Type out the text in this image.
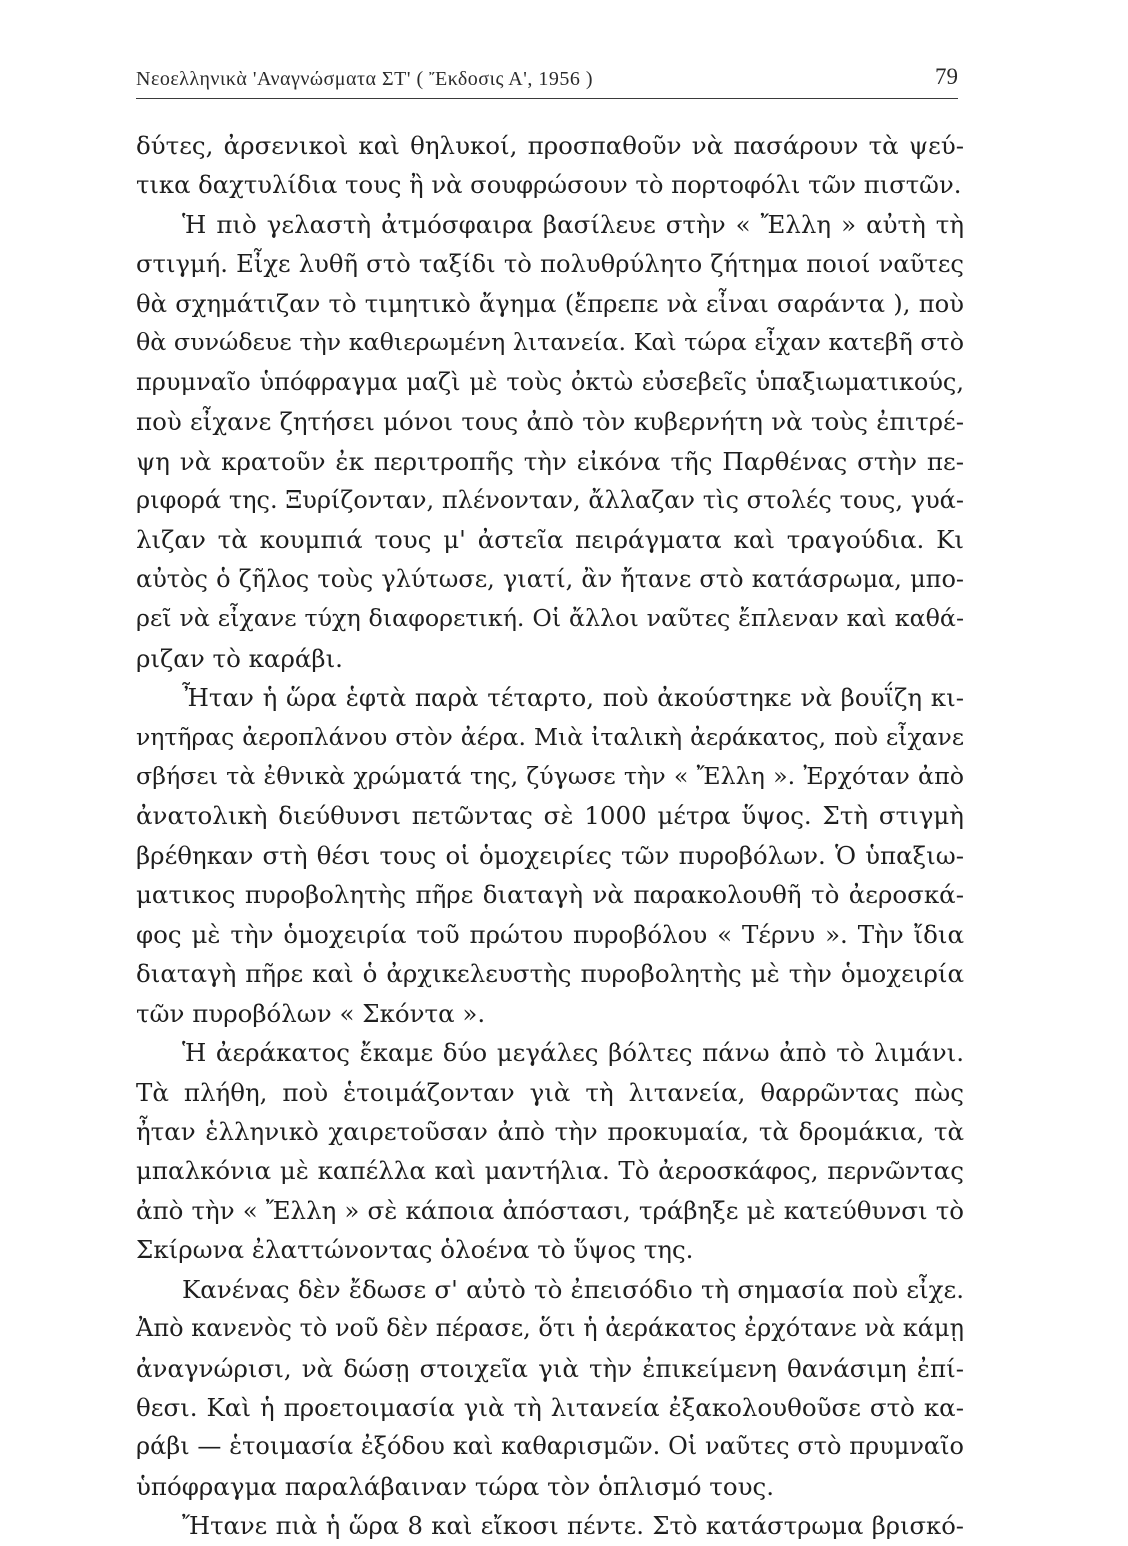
Νεοελληνικὰ 'Αναγνώσματα ΣΤ' ( Ἔκδοσις Α', 1956 )	79
δύτες, ἀρσενικοὶ καὶ θηλυκοί, προσπαθοῦν νὰ πασάρουν τὰ ψεύ-
τικα δαχτυλίδια τους ἢ νὰ σουφρώσουν τὸ πορτοφόλι τῶν πιστῶν.
Ἡ πιὸ γελαστὴ ἀτμόσφαιρα βασίλευε στὴν « Ἔλλη » αὐτὴ τὴ
στιγμή. Εἶχε λυθῆ στὸ ταξίδι τὸ πολυθρύλητο ζήτημα ποιοί ναῦτες
θὰ σχημάτιζαν τὸ τιμητικὸ ἄγημα (ἔπρεπε νὰ εἶναι σαράντα ), ποὺ
θὰ συνώδευε τὴν καθιερωμένη λιτανεία. Καὶ τώρα εἶχαν κατεβῆ στὸ
πρυμναῖο ὑπόφραγμα μαζὶ μὲ τοὺς ὀκτὼ εὐσεβεῖς ὑπαξιωματικούς,
ποὺ εἶχανε ζητήσει μόνοι τους ἀπὸ τὸν κυβερνήτη νὰ τοὺς ἐπιτρέ-
ψη νὰ κρατοῦν ἐκ περιτροπῆς τὴν εἰκόνα τῆς Παρθένας στὴν πε-
ριφορά της. Ξυρίζονταν, πλένονταν, ἄλλαζαν τὶς στολές τους, γυά-
λιζαν τὰ κουμπιά τους μ' ἀστεῖα πειράγματα καὶ τραγούδια. Κι
αὐτὸς ὁ ζῆλος τοὺς γλύτωσε, γιατί, ἂν ἤτανε στὸ κατάσρωμα, μπο-
ρεῖ νὰ εἶχανε τύχη διαφορετική. Οἱ ἄλλοι ναῦτες ἔπλεναν καὶ καθά-
ριζαν τὸ καράβι.
Ἦταν ἡ ὥρα ἑφτὰ παρὰ τέταρτο, ποὺ ἀκούστηκε νὰ βουΐζη κι-
νητῆρας ἀεροπλάνου στὸν ἀέρα. Μιὰ ἰταλικὴ ἀεράκατος, ποὺ εἶχανε
σβήσει τὰ ἐθνικὰ χρώματά της, ζύγωσε τὴν « Ἔλλη ». Ἐρχόταν ἀπὸ
ἀνατολικὴ διεύθυνσι πετῶντας σὲ 1000 μέτρα ὕψος. Στὴ στιγμὴ
βρέθηκαν στὴ θέσι τους οἱ ὁμοχειρίες τῶν πυροβόλων. Ὁ ὑπαξιω-
ματικος πυροβολητὴς πῆρε διαταγὴ νὰ παρακολουθῆ τὸ ἀεροσκά-
φος μὲ τὴν ὁμοχειρία τοῦ πρώτου πυροβόλου « Τέρνυ ». Τὴν ἴδια
διαταγὴ πῆρε καὶ ὁ ἀρχικελευστὴς πυροβολητὴς μὲ τὴν ὁμοχειρία
τῶν πυροβόλων « Σκόντα ».
Ἡ ἀεράκατος ἔκαμε δύο μεγάλες βόλτες πάνω ἀπὸ τὸ λιμάνι.
Τὰ πλήθη, ποὺ ἑτοιμάζονταν γιὰ τὴ λιτανεία, θαρρῶντας πὼς
ἦταν ἑλληνικὸ χαιρετοῦσαν ἀπὸ τὴν προκυμαία, τὰ δρομάκια, τὰ
μπαλκόνια μὲ καπέλλα καὶ μαντήλια. Τὸ ἀεροσκάφος, περνῶντας
ἀπὸ τὴν « Ἔλλη » σὲ κάποια ἀπόστασι, τράβηξε μὲ κατεύθυνσι τὸ
Σκίρωνα ἐλαττώνοντας ὁλοένα τὸ ὕψος της.
Κανένας δὲν ἔδωσε σ' αὐτὸ τὸ ἐπεισόδιο τὴ σημασία ποὺ εἶχε.
Ἀπὸ κανενὸς τὸ νοῦ δὲν πέρασε, ὅτι ἡ ἀεράκατος ἐρχότανε νὰ κάμῃ
ἀναγνώρισι, νὰ δώσῃ στοιχεῖα γιὰ τὴν ἐπικείμενη θανάσιμη ἐπί-
θεσι. Καὶ ἡ προετοιμασία γιὰ τὴ λιτανεία ἐξακολουθοῦσε στὸ κα-
ράβι — ἑτοιμασία ἐξόδου καὶ καθαρισμῶν. Οἱ ναῦτες στὸ πρυμναῖο
ὑπόφραγμα παραλάβαιναν τώρα τὸν ὁπλισμό τους.
Ἤτανε πιὰ ἡ ὥρα 8 καὶ εἴκοσι πέντε. Στὸ κατάστρωμα βρισκό-
